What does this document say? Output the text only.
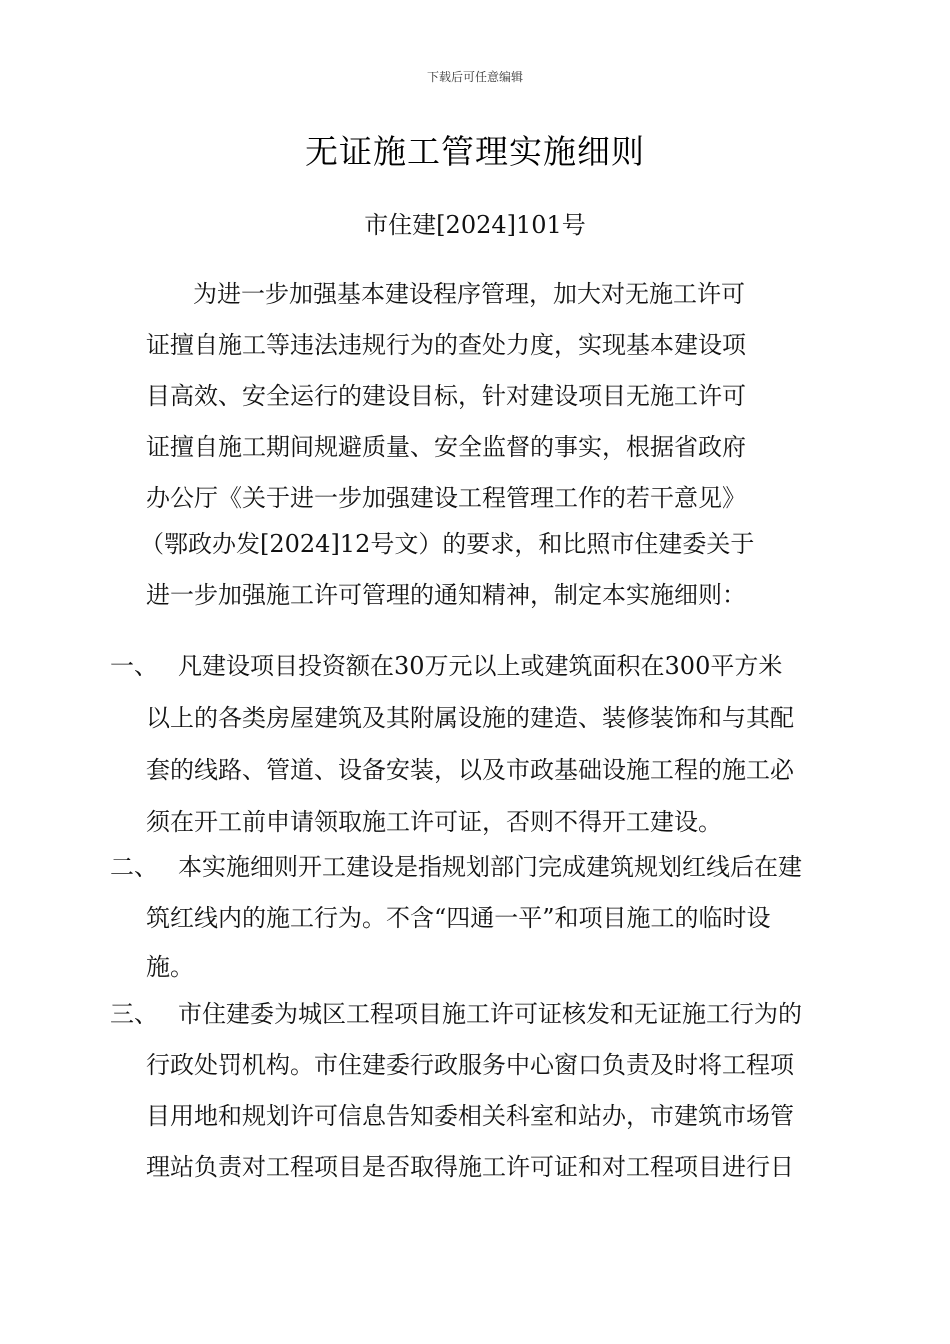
下载后可任意编辑
无证施工管理实施细则
市住建[2024]101号
为进一步加强基本建设程序管理，加大对无施工许可
证擅自施工等违法违规行为的查处力度，实现基本建设项
目高效、安全运行的建设目标，针对建设项目无施工许可
证擅自施工期间规避质量、安全监督的事实，根据省政府
办公厅《关于进一步加强建设工程管理工作的若干意见》
（鄂政办发[2024]12号文）的要求，和比照市住建委关于
进一步加强施工许可管理的通知精神，制定本实施细则：
一、 凡建设项目投资额在30万元以上或建筑面积在300平方米
以上的各类房屋建筑及其附属设施的建造、装修装饰和与其配
套的线路、管道、设备安装，以及市政基础设施工程的施工必
须在开工前申请领取施工许可证，否则不得开工建设。
二、 本实施细则开工建设是指规划部门完成建筑规划红线后在建
筑红线内的施工行为。不含“四通一平”和项目施工的临时设
施。
三、 市住建委为城区工程项目施工许可证核发和无证施工行为的
行政处罚机构。市住建委行政服务中心窗口负责及时将工程项
目用地和规划许可信息告知委相关科室和站办，市建筑市场管
理站负责对工程项目是否取得施工许可证和对工程项目进行日
